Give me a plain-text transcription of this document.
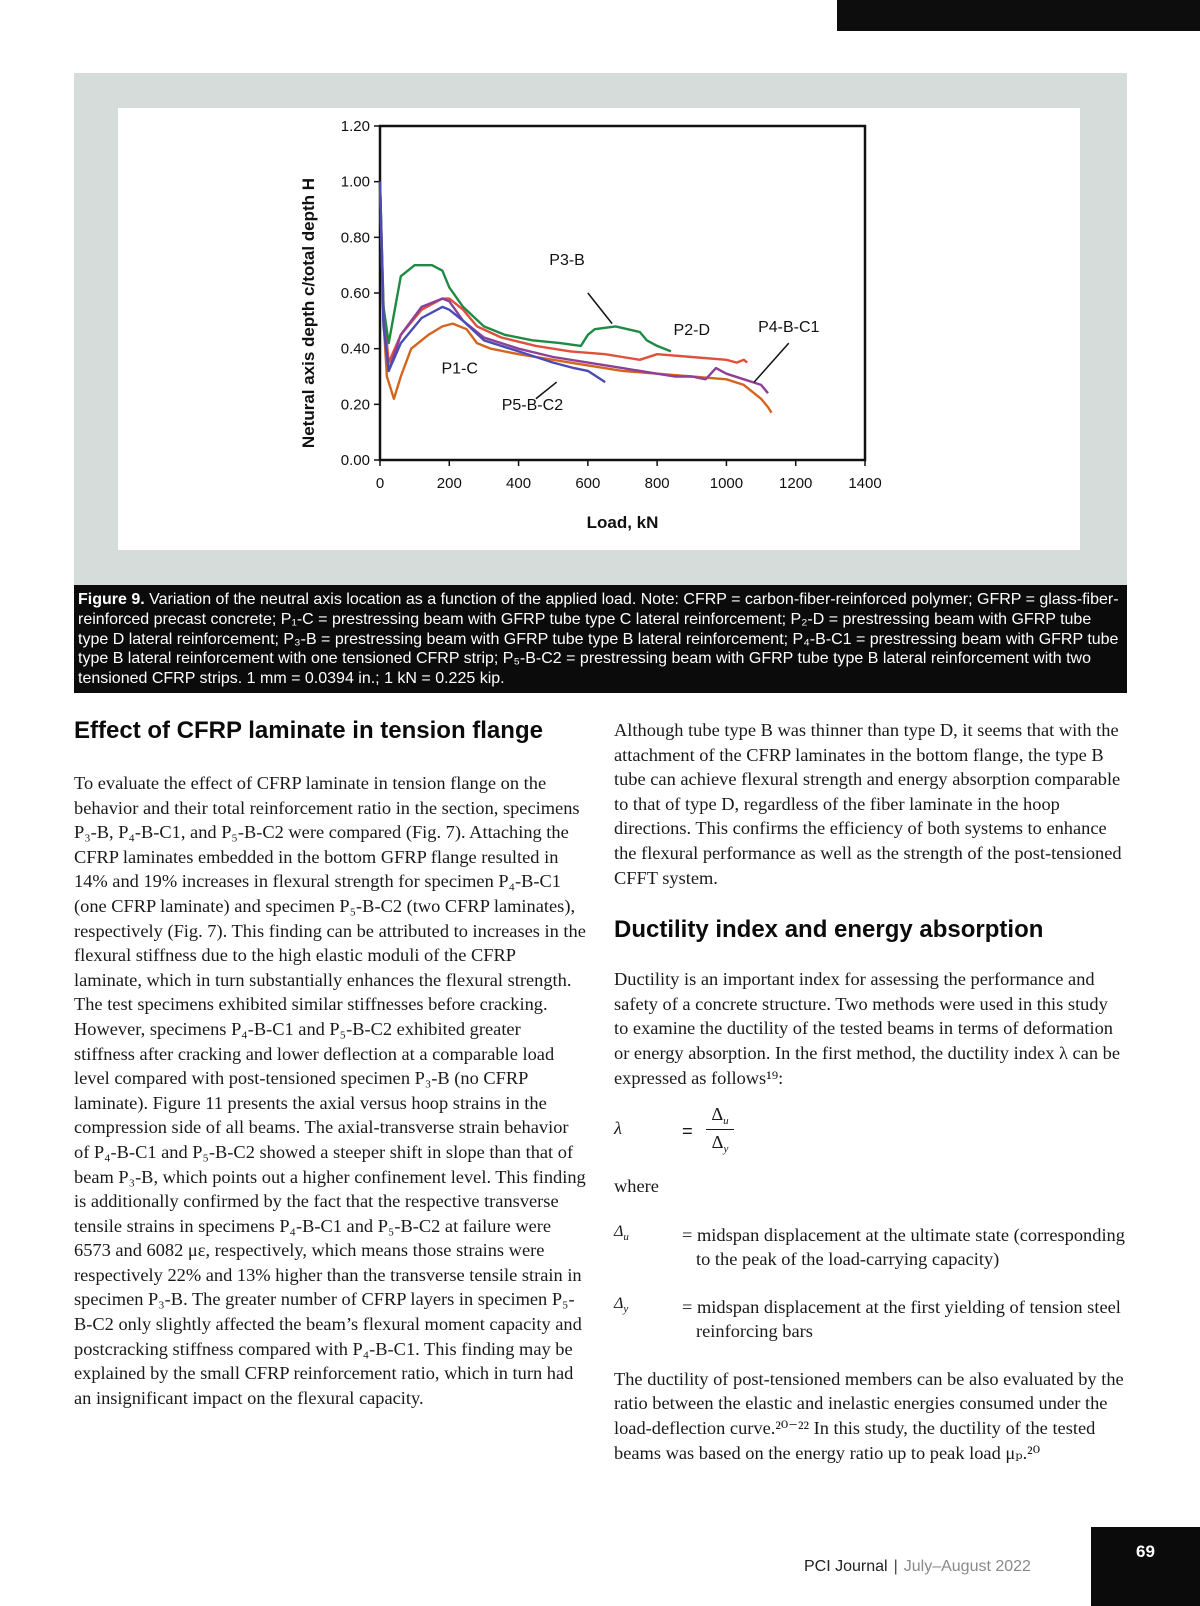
0.00
0.20
0.40
0.60
0.80
1.00
1.20
0	200	400	600	800	1000 1200 1400
Load, kN
Netural axis depth c/total depth H	P3-B
P2-D	P4-B-C1
P1-C
P5-B-C2
Figure 9. Variation of the neutral axis location as a function of the applied load. Note: CFRP = carbon-fiber-reinforced polymer; GFRP = glass-fiber-reinforced precast concrete; P₁-C = prestressing beam with GFRP tube type C lateral reinforcement; P₂-D = prestressing beam with GFRP tube type D lateral reinforcement; P₃-B = prestressing beam with GFRP tube type B lateral reinforcement; P₄-B-C1 = prestressing beam with GFRP tube type B lateral reinforcement with one tensioned CFRP strip; P₅-B-C2 = prestressing beam with GFRP tube type B lateral reinforcement with two tensioned CFRP strips. 1 mm = 0.0394 in.; 1 kN = 0.225 kip.
Effect of CFRP laminate in tension flange

To evaluate the effect of CFRP laminate in tension flange on the behavior and their total reinforcement ratio in the section, specimens P₃-B, P₄-B-C1, and P₅-B-C2 were compared (Fig. 7). Attaching the CFRP laminates embedded in the bottom GFRP flange resulted in 14% and 19% increases in flexural strength for specimen P₄-B-C1 (one CFRP laminate) and specimen P₅-B-C2 (two CFRP laminates), respectively (Fig. 7). This finding can be attributed to increases in the flexural stiffness due to the high elastic moduli of the CFRP laminate, which in turn substantially enhances the flexural strength. The test specimens exhibited similar stiffnesses before cracking. However, specimens P₄-B-C1 and P₅-B-C2 exhibited greater stiffness after cracking and lower deflection at a comparable load level compared with post-tensioned specimen P₃-B (no CFRP laminate). Figure 11 presents the axial versus hoop strains in the compression side of all beams. The axial-transverse strain behavior of P₄-B-C1 and P₅-B-C2 showed a steeper shift in slope than that of beam P₃-B, which points out a higher confinement level. This finding is additionally confirmed by the fact that the respective transverse tensile strains in specimens P₄-B-C1 and P₅-B-C2 at failure were 6573 and 6082 με, respectively, which means those strains were respectively 22% and 13% higher than the transverse tensile strain in specimen P₃-B. The greater number of CFRP layers in specimen P₅-B-C2 only slightly affected the beam’s flexural moment capacity and postcracking stiffness compared with P₄-B-C1. This finding may be explained by the small CFRP reinforcement ratio, which in turn had an insignificant impact on the flexural capacity.

Although tube type B was thinner than type D, it seems that with the attachment of the CFRP laminates in the bottom flange, the type B tube can achieve flexural strength and energy absorption comparable to that of type D, regardless of the fiber laminate in the hoop directions. This confirms the efficiency of both systems to enhance the flexural performance as well as the strength of the post-tensioned CFFT system.

Ductility index and energy absorption

Ductility is an important index for assessing the performance and safety of a concrete structure. Two methods were used in this study to examine the ductility of the tested beams in terms of deformation or energy absorption. In the first method, the ductility index λ can be expressed as follows¹⁹:

λ	= $\frac{\Delta_u}{\Delta_y}$

where

$\Delta_u$	= midspan displacement at the ultimate state (corresponding to the peak of the load-carrying capacity)

$\Delta_y$	= midspan displacement at the first yielding of tension steel reinforcing bars

The ductility of post-tensioned members can be also evaluated by the ratio between the elastic and inelastic energies consumed under the load-deflection curve.²⁰⁻²² In this study, the ductility of the tested beams was based on the energy ratio up to peak load μₚ.²⁰

PCI Journal | July–August 2022
69
